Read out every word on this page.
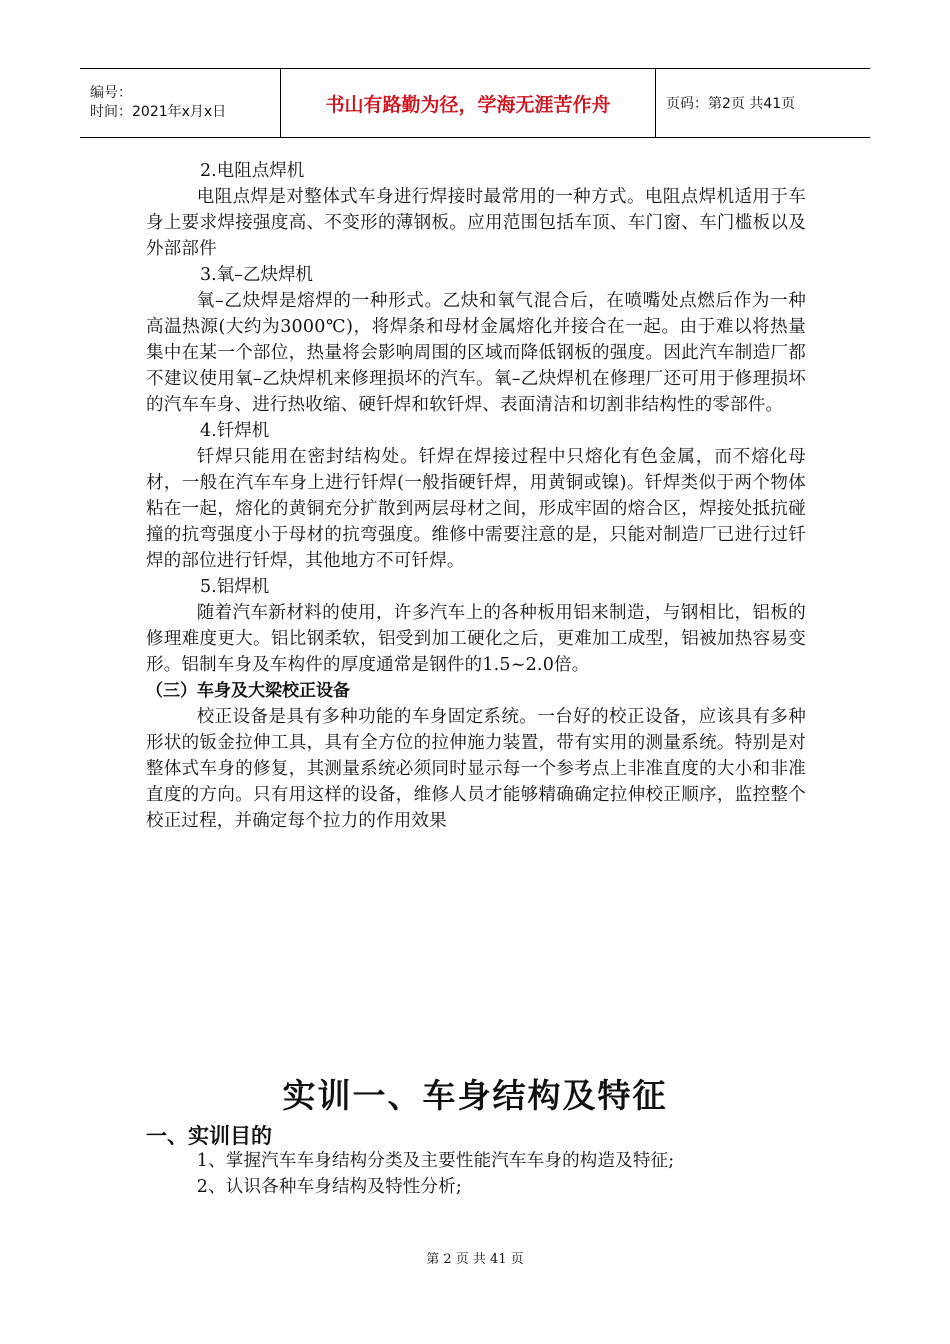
编号：
时间：2021年x月x日	书山有路勤为径，学海无涯苦作舟	页码：第2页 共41页

2.电阻点焊机

电阻点焊是对整体式车身进行焊接时最常用的一种方式。电阻点焊机适用于车身上要求焊接强度高、不变形的薄钢板。应用范围包括车顶、车门窗、车门槛板以及外部部件

3.氧–乙炔焊机

氧–乙炔焊是熔焊的一种形式。乙炔和氧气混合后，在喷嘴处点燃后作为一种高温热源(大约为3000℃)，将焊条和母材金属熔化并接合在一起。由于难以将热量集中在某一个部位，热量将会影响周围的区域而降低钢板的强度。因此汽车制造厂都不建议使用氧–乙炔焊机来修理损坏的汽车。氧–乙炔焊机在修理厂还可用于修理损坏的汽车车身、进行热收缩、硬钎焊和软钎焊、表面清洁和切割非结构性的零部件。

4.钎焊机

钎焊只能用在密封结构处。钎焊在焊接过程中只熔化有色金属，而不熔化母材，一般在汽车车身上进行钎焊(一般指硬钎焊，用黄铜或镍)。钎焊类似于两个物体粘在一起，熔化的黄铜充分扩散到两层母材之间，形成牢固的熔合区，焊接处抵抗碰撞的抗弯强度小于母材的抗弯强度。维修中需要注意的是，只能对制造厂已进行过钎焊的部位进行钎焊，其他地方不可钎焊。

5.铝焊机

随着汽车新材料的使用，许多汽车上的各种板用铝来制造，与钢相比，铝板的修理难度更大。铝比钢柔软，铝受到加工硬化之后，更难加工成型，铝被加热容易变形。铝制车身及车构件的厚度通常是钢件的1.5~2.0倍。

（三）车身及大梁校正设备

校正设备是具有多种功能的车身固定系统。一台好的校正设备，应该具有多种形状的钣金拉伸工具，具有全方位的拉伸施力装置，带有实用的测量系统。特别是对整体式车身的修复，其测量系统必须同时显示每一个参考点上非准直度的大小和非准直度的方向。只有用这样的设备，维修人员才能够精确确定拉伸校正顺序，监控整个校正过程，并确定每个拉力的作用效果

实训一、车身结构及特征
一、实训目的

1、掌握汽车车身结构分类及主要性能汽车车身的构造及特征;

2、认识各种车身结构及特性分析;

第 2 页 共 41 页
